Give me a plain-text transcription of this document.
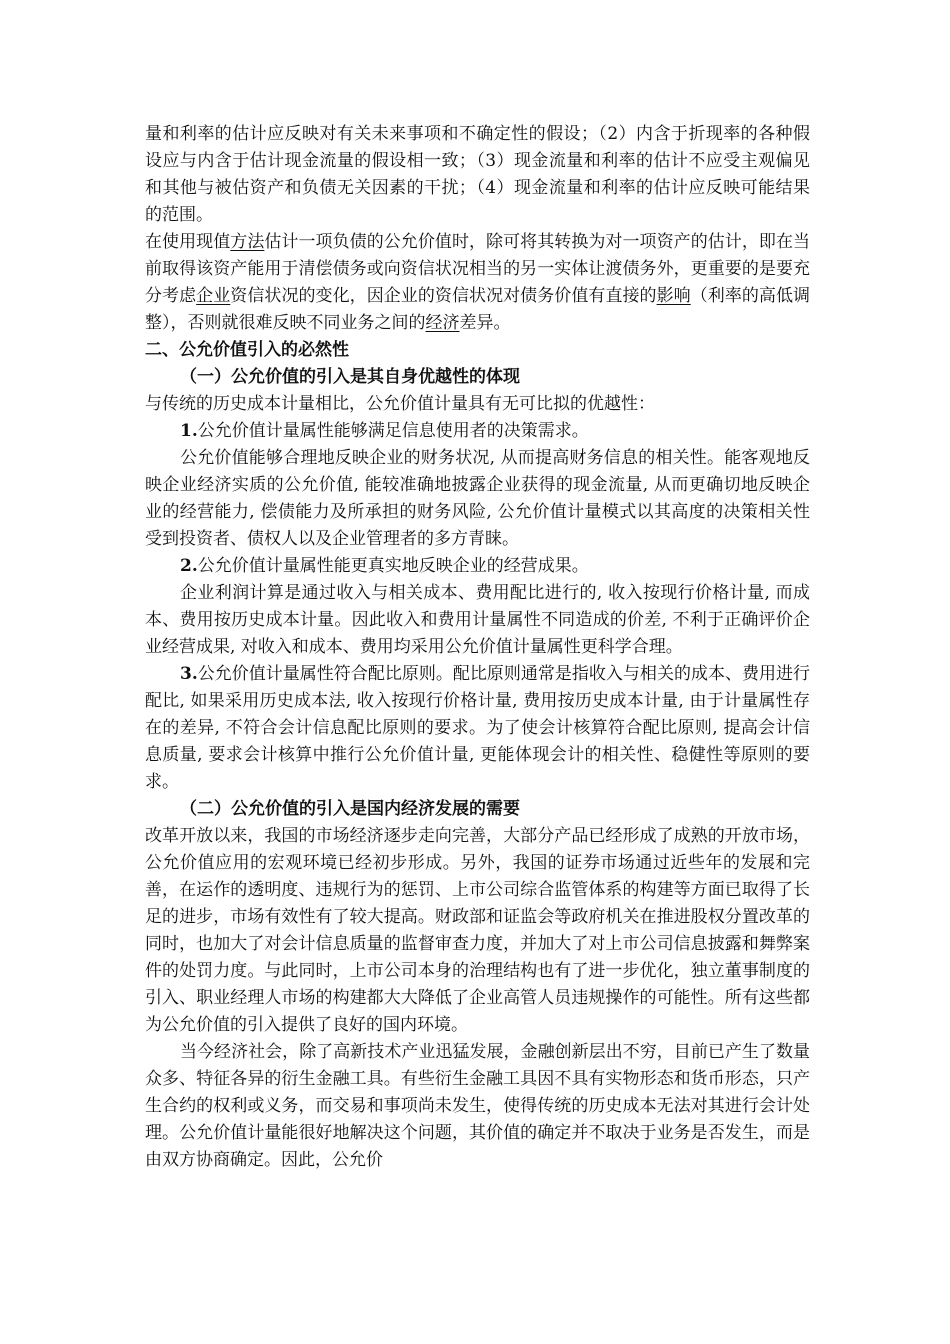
量和利率的估计应反映对有关未来事项和不确定性的假设；（2）内含于折现率的各种假设应与内含于估计现金流量的假设相一致；（3）现金流量和利率的估计不应受主观偏见和其他与被估资产和负债无关因素的干扰；（4）现金流量和利率的估计应反映可能结果的范围。

在使用现值方法估计一项负债的公允价值时，除可将其转换为对一项资产的估计，即在当前取得该资产能用于清偿债务或向资信状况相当的另一实体让渡债务外，更重要的是要充分考虑企业资信状况的变化，因企业的资信状况对债务价值有直接的影响（利率的高低调整），否则就很难反映不同业务之间的经济差异。

二、公允价值引入的必然性

（一）公允价值的引入是其自身优越性的体现

与传统的历史成本计量相比，公允价值计量具有无可比拟的优越性：

1.公允价值计量属性能够满足信息使用者的决策需求。

公允价值能够合理地反映企业的财务状况, 从而提高财务信息的相关性。能客观地反映企业经济实质的公允价值, 能较准确地披露企业获得的现金流量, 从而更确切地反映企业的经营能力, 偿债能力及所承担的财务风险, 公允价值计量模式以其高度的决策相关性受到投资者、债权人以及企业管理者的多方青睐。

2.公允价值计量属性能更真实地反映企业的经营成果。

企业利润计算是通过收入与相关成本、费用配比进行的, 收入按现行价格计量, 而成本、费用按历史成本计量。因此收入和费用计量属性不同造成的价差, 不利于正确评价企业经营成果, 对收入和成本、费用均采用公允价值计量属性更科学合理。

3.公允价值计量属性符合配比原则。配比原则通常是指收入与相关的成本、费用进行配比, 如果采用历史成本法, 收入按现行价格计量, 费用按历史成本计量, 由于计量属性存在的差异, 不符合会计信息配比原则的要求。为了使会计核算符合配比原则, 提高会计信息质量, 要求会计核算中推行公允价值计量, 更能体现会计的相关性、稳健性等原则的要求。

（二）公允价值的引入是国内经济发展的需要

改革开放以来，我国的市场经济逐步走向完善，大部分产品已经形成了成熟的开放市场，公允价值应用的宏观环境已经初步形成。另外，我国的证券市场通过近些年的发展和完善，在运作的透明度、违规行为的惩罚、上市公司综合监管体系的构建等方面已取得了长足的进步，市场有效性有了较大提高。财政部和证监会等政府机关在推进股权分置改革的同时，也加大了对会计信息质量的监督审查力度，并加大了对上市公司信息披露和舞弊案件的处罚力度。与此同时，上市公司本身的治理结构也有了进一步优化，独立董事制度的引入、职业经理人市场的构建都大大降低了企业高管人员违规操作的可能性。所有这些都为公允价值的引入提供了良好的国内环境。

当今经济社会，除了高新技术产业迅猛发展，金融创新层出不穷，目前已产生了数量众多、特征各异的衍生金融工具。有些衍生金融工具因不具有实物形态和货币形态，只产生合约的权利或义务，而交易和事项尚未发生，使得传统的历史成本无法对其进行会计处理。公允价值计量能很好地解决这个问题，其价值的确定并不取决于业务是否发生，而是由双方协商确定。因此，公允价
